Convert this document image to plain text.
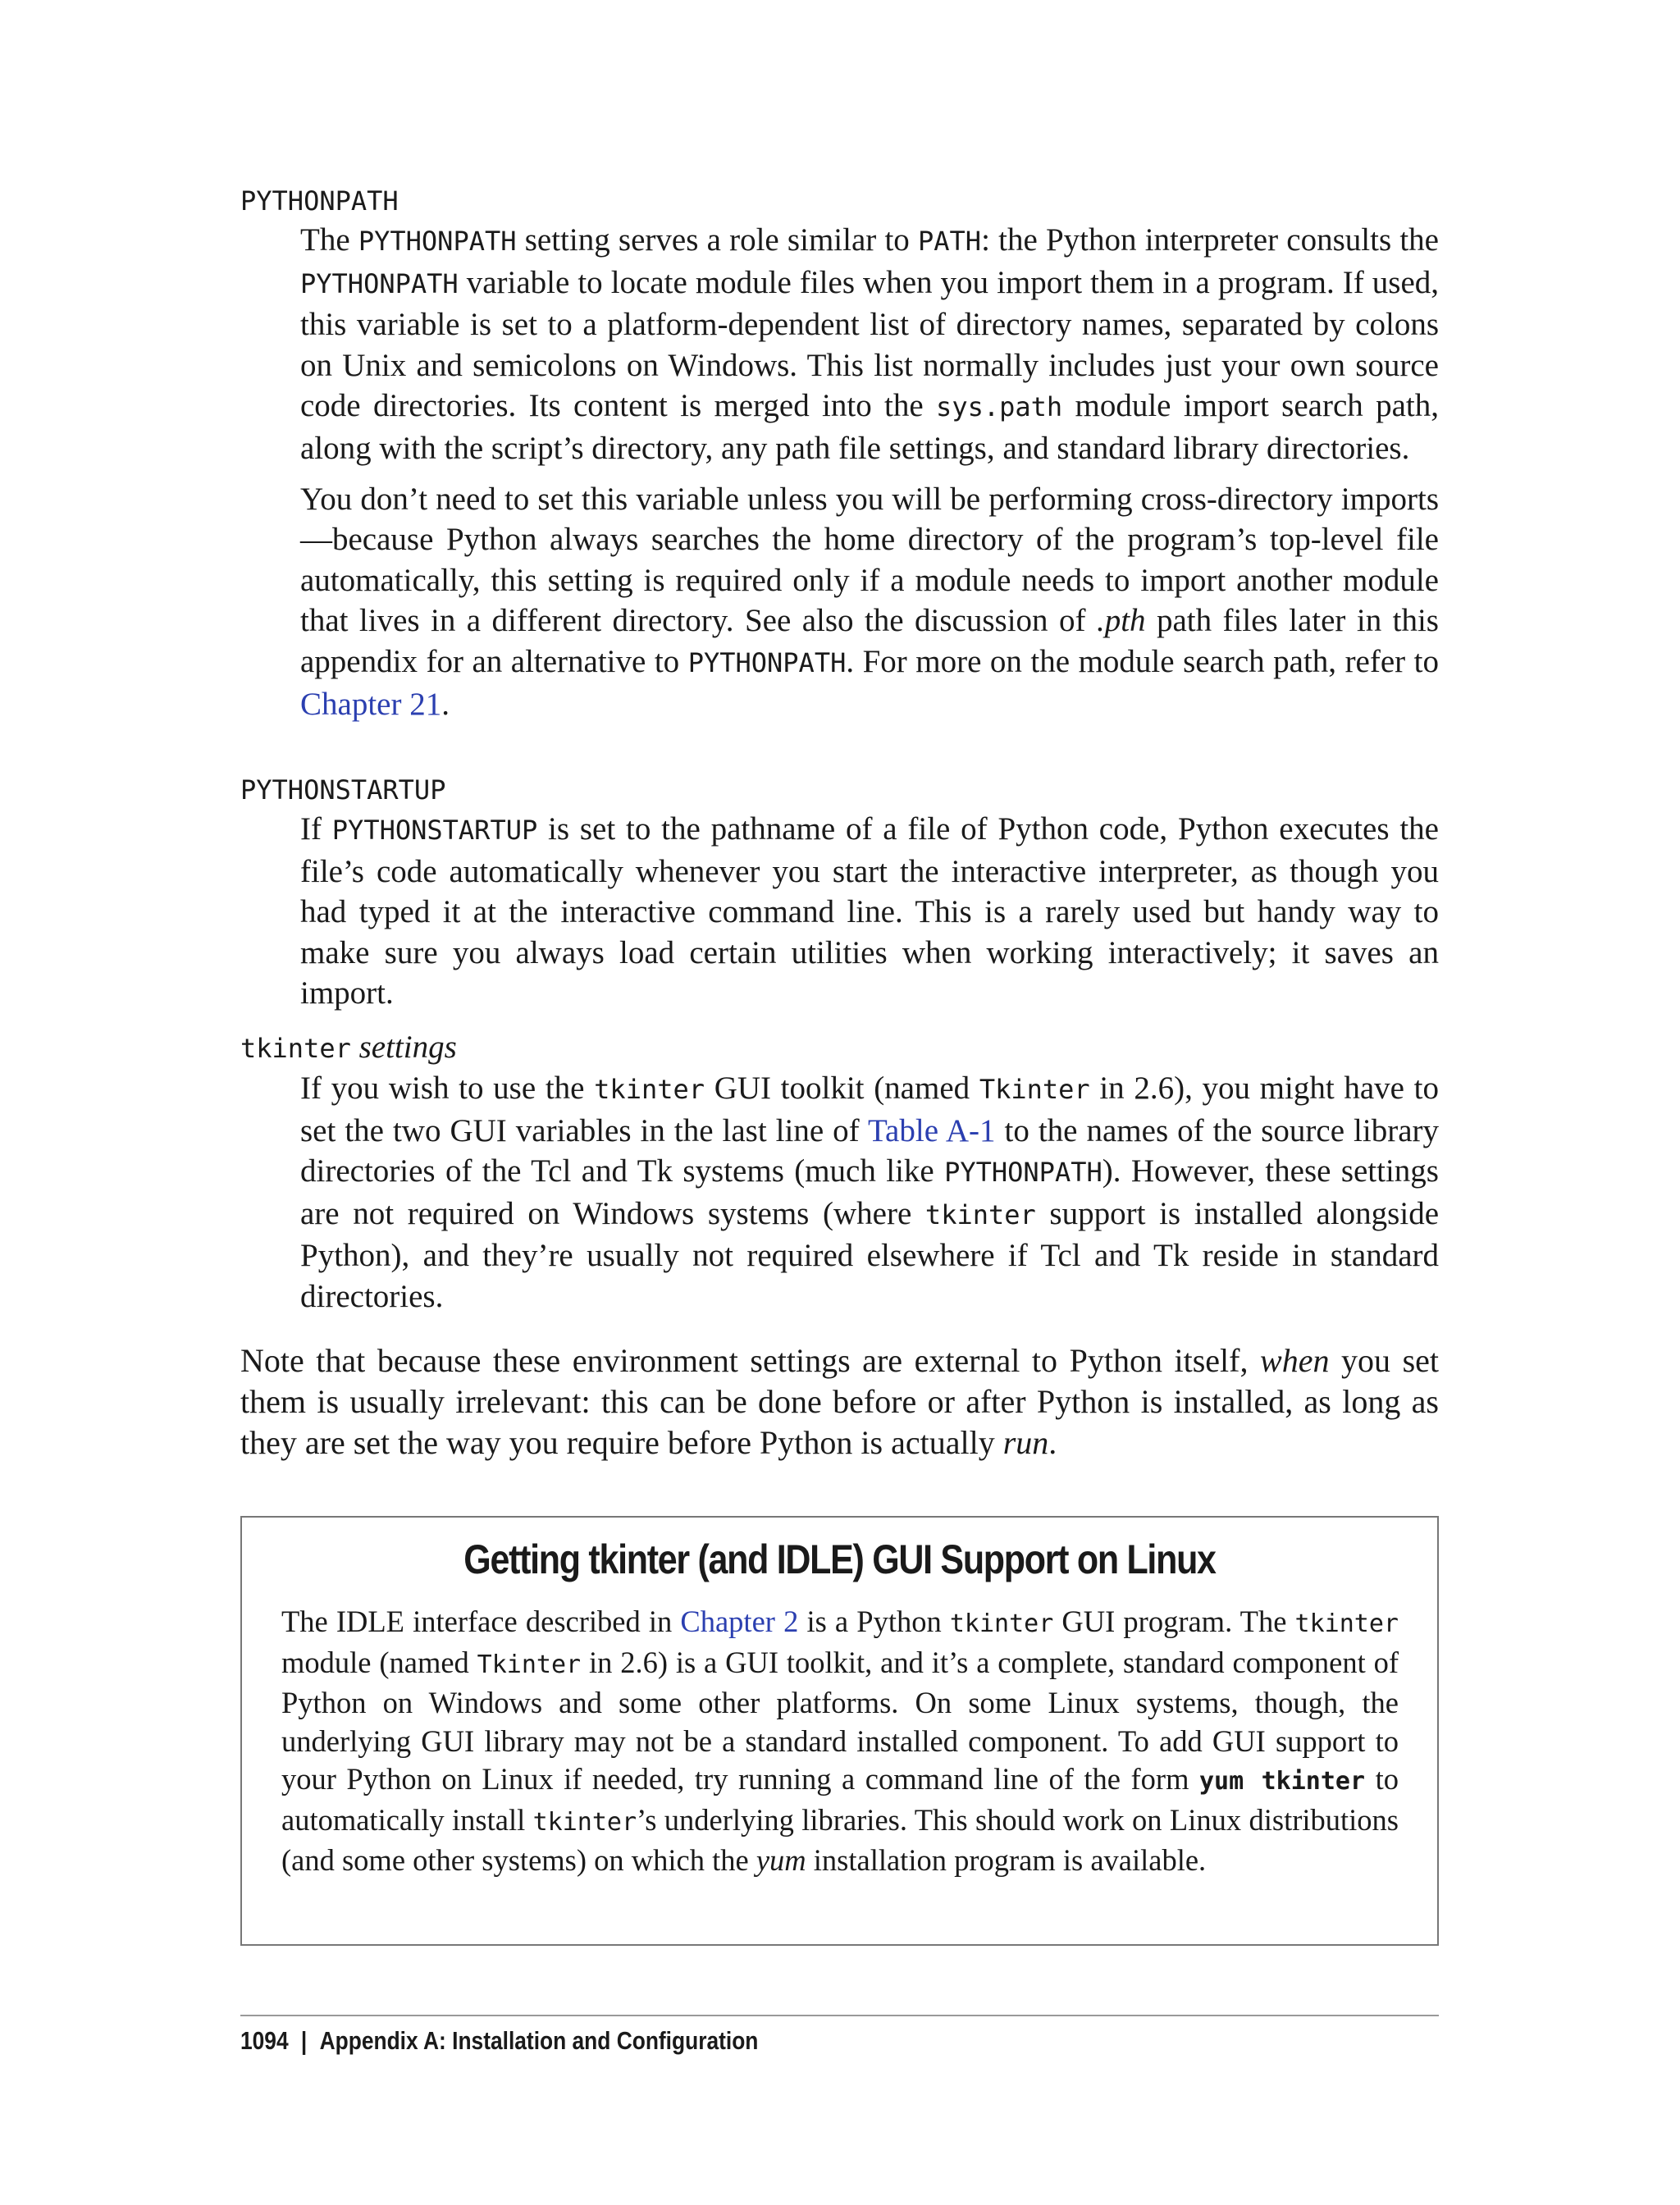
PYTHONPATH

The PYTHONPATH setting serves a role similar to PATH: the Python interpreter consults the PYTHONPATH variable to locate module files when you import them in a program. If used, this variable is set to a platform-dependent list of directory names, separated by colons on Unix and semicolons on Windows. This list normally includes just your own source code directories. Its content is merged into the sys.path module import search path, along with the script’s directory, any path file settings, and standard library directories.

You don’t need to set this variable unless you will be performing cross-directory imports—because Python always searches the home directory of the program’s top-level file automatically, this setting is required only if a module needs to import another module that lives in a different directory. See also the discussion of .pth path files later in this appendix for an alternative to PYTHONPATH. For more on the module search path, refer to Chapter 21.

PYTHONSTARTUP

If PYTHONSTARTUP is set to the pathname of a file of Python code, Python executes the file’s code automatically whenever you start the interactive interpreter, as though you had typed it at the interactive command line. This is a rarely used but handy way to make sure you always load certain utilities when working interactively; it saves an import.

tkinter settings

If you wish to use the tkinter GUI toolkit (named Tkinter in 2.6), you might have to set the two GUI variables in the last line of Table A-1 to the names of the source library directories of the Tcl and Tk systems (much like PYTHONPATH). However, these settings are not required on Windows systems (where tkinter support is installed alongside Python), and they’re usually not required elsewhere if Tcl and Tk reside in standard directories.

Note that because these environment settings are external to Python itself, when you set them is usually irrelevant: this can be done before or after Python is installed, as long as they are set the way you require before Python is actually run.

Getting tkinter (and IDLE) GUI Support on Linux

The IDLE interface described in Chapter 2 is a Python tkinter GUI program. The tkinter module (named Tkinter in 2.6) is a GUI toolkit, and it’s a complete, standard component of Python on Windows and some other platforms. On some Linux systems, though, the underlying GUI library may not be a standard installed component. To add GUI support to your Python on Linux if needed, try running a command line of the form yum tkinter to automatically install tkinter’s underlying libraries. This should work on Linux distributions (and some other systems) on which the yum installation program is available.

1094 | Appendix A: Installation and Configuration
